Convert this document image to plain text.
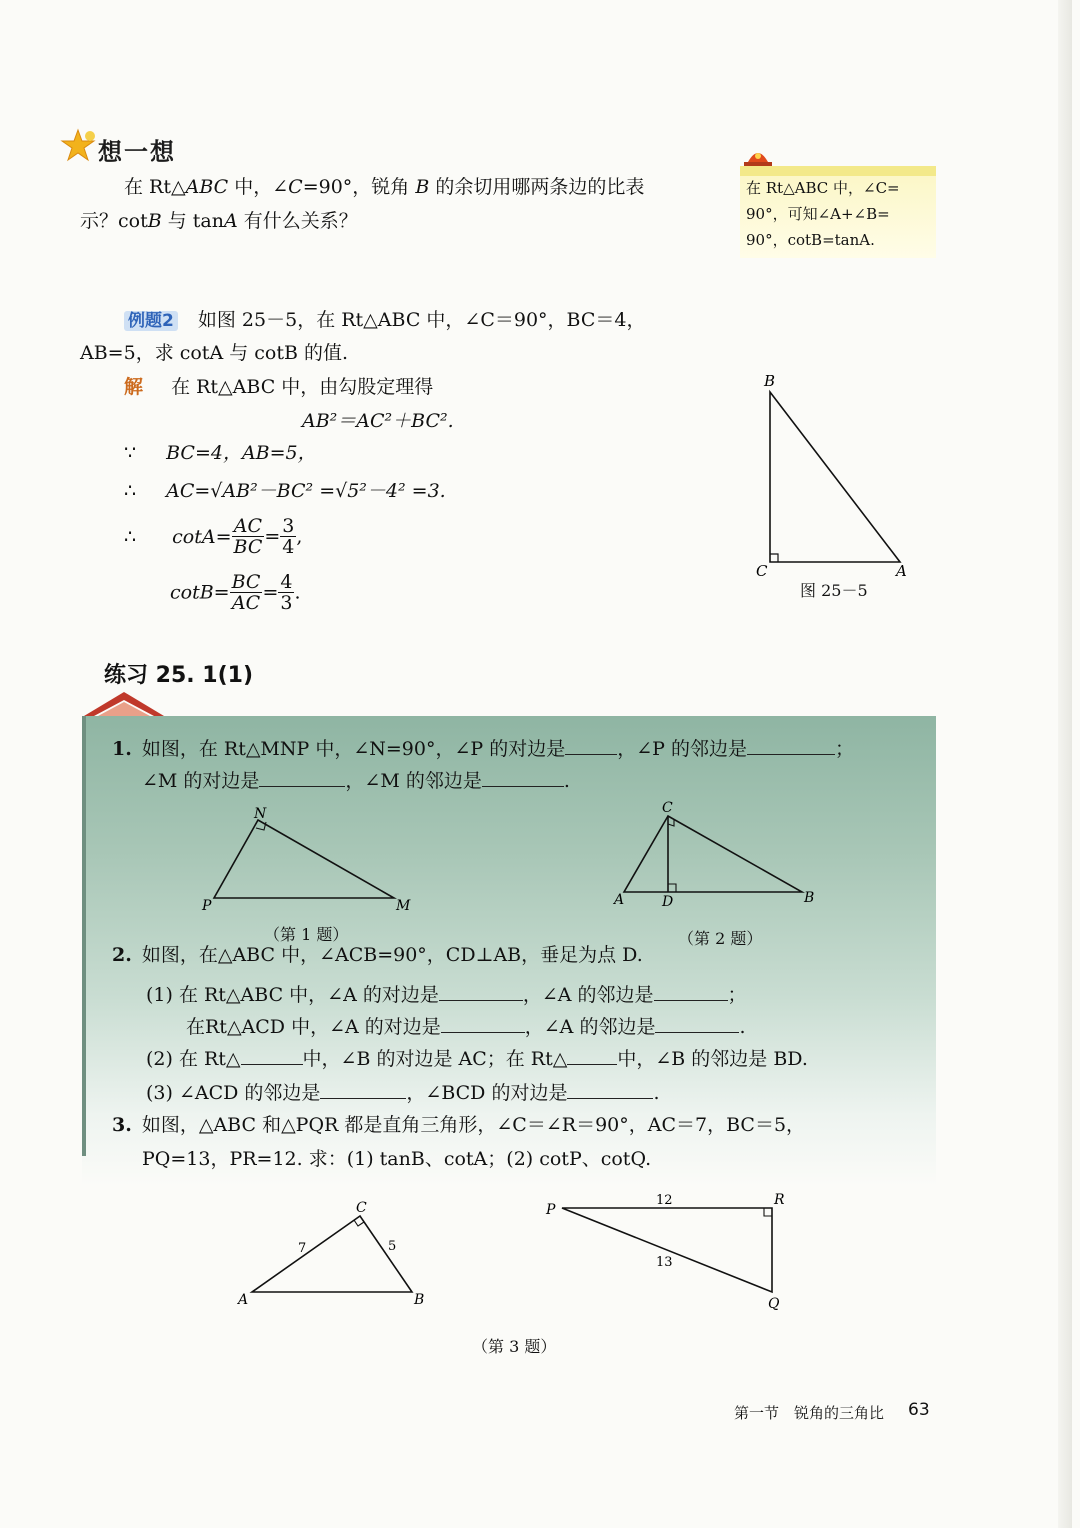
想一想
在 Rt△ABC 中，∠C=90°，锐角 B 的余切用哪两条边的比表
示？cotB 与 tanA 有什么关系？
在 Rt△ABC 中，∠C=
90°，可知∠A+∠B=
90°，cotB=tanA.
例题2 如图 25－5，在 Rt△ABC 中，∠C＝90°，BC＝4，
AB=5，求 cotA 与 cotB 的值.
解 在 Rt△ABC 中，由勾股定理得
AB²＝AC²＋BC².
∵ BC=4，AB=5，
∴ AC=√AB²－BC² =√5²－4² =3.
∴ $\cot A= \frac{AC}{BC} = \frac{3}{4}$ ,
$\cot B= \frac{BC}{AC} = \frac{4}{3}$ .
B
C	A
图 25－5
练习 25. 1(1)
1. 如图，在 Rt△MNP 中，∠N=90°，∠P 的对边是	，∠P 的邻边是	；
∠M 的对边是	，∠M 的邻边是	.
N
P	M
（第 1 题）
C
A	D	B
（第 2 题）
2. 如图，在△ABC 中，∠ACB=90°，CD⊥AB，垂足为点 D.
(1) 在 Rt△ABC 中，∠A 的对边是	，∠A 的邻边是	；
在Rt△ACD 中，∠A 的对边是	，∠A 的邻边是	.
(2) 在 Rt△	中，∠B 的对边是 AC；在 Rt△	中，∠B 的邻边是 BD.
(3) ∠ACD 的邻边是	，∠BCD 的对边是	.
3. 如图，△ABC 和△PQR 都是直角三角形，∠C＝∠R＝90°，AC＝7，BC＝5，
PQ=13，PR=12. 求：(1) tanB、cotA；(2) cotP、cotQ.
C
A	B
7	5
P
R
Q
12
13
（第 3 题）
第一节　锐角的三角比 63
